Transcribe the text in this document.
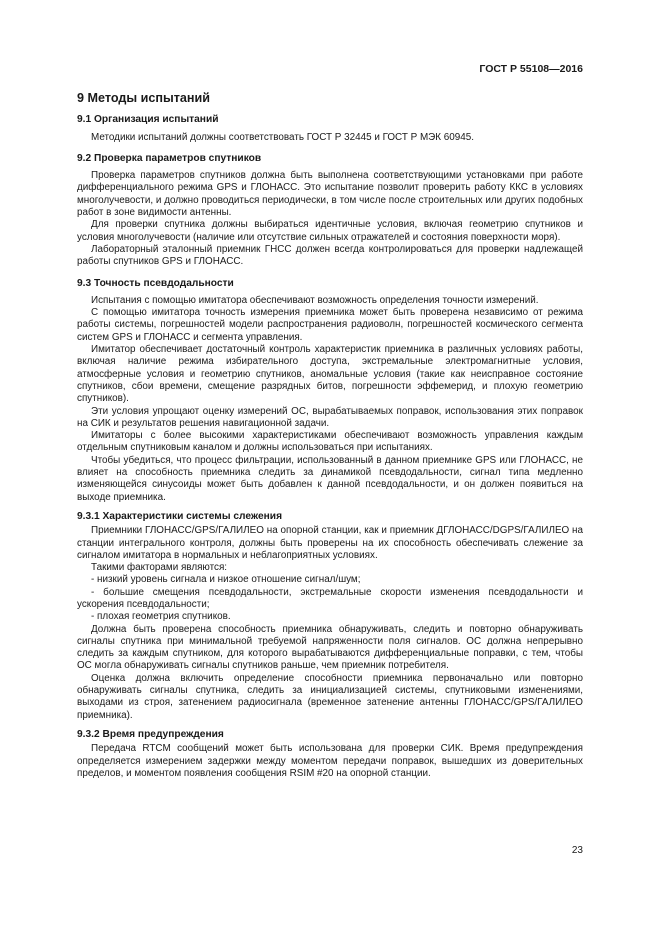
ГОСТ Р 55108—2016
9 Методы испытаний
9.1 Организация испытаний

Методики испытаний должны соответствовать ГОСТ Р 32445 и ГОСТ Р МЭК 60945.

9.2 Проверка параметров спутников

Проверка параметров спутников должна быть выполнена соответствующими установками при работе дифференциального режима GPS и ГЛОНАСС. Это испытание позволит проверить работу ККС в условиях многолучевости, и должно проводиться периодически, в том числе после строительных или других подобных работ в зоне видимости антенны.

Для проверки спутника должны выбираться идентичные условия, включая геометрию спутников и условия многолучевости (наличие или отсутствие сильных отражателей и состояния поверхности моря).

Лабораторный эталонный приемник ГНСС должен всегда контролироваться для проверки надлежащей работы спутников GPS и ГЛОНАСС.

9.3 Точность псевдодальности

Испытания с помощью имитатора обеспечивают возможность определения точности измерений.

С помощью имитатора точность измерения приемника может быть проверена независимо от режима работы системы, погрешностей модели распространения радиоволн, погрешностей космического сегмента систем GPS и ГЛОНАСС и сегмента управления.

Имитатор обеспечивает достаточный контроль характеристик приемника в различных условиях работы, включая наличие режима избирательного доступа, экстремальные электромагнитные условия, атмосферные условия и геометрию спутников, аномальные условия (такие как неисправное состояние спутников, сбои времени, смещение разрядных битов, погрешности эффемерид, и плохую геометрию спутников).

Эти условия упрощают оценку измерений ОС, вырабатываемых поправок, использования этих поправок на СИК и результатов решения навигационной задачи.

Имитаторы с более высокими характеристиками обеспечивают возможность управления каждым отдельным спутниковым каналом и должны использоваться при испытаниях.

Чтобы убедиться, что процесс фильтрации, использованный в данном приемнике GPS или ГЛОНАСС, не влияет на способность приемника следить за динамикой псевдодальности, сигнал типа медленно изменяющейся синусоиды может быть добавлен к данной псевдодальности, и он должен появиться на выходе приемника.

9.3.1 Характеристики системы слежения

Приемники ГЛОНАСС/GPS/ГАЛИЛЕО на опорной станции, как и приемник ДГЛОНАСС/DGPS/ГАЛИЛЕО на станции интегрального контроля, должны быть проверены на их способность обеспечивать слежение за сигналом имитатора в нормальных и неблагоприятных условиях.

Такими факторами являются:

- низкий уровень сигнала и низкое отношение сигнал/шум;

- большие смещения псевдодальности, экстремальные скорости изменения псевдодальности и ускорения псевдодальности;

- плохая геометрия спутников.

Должна быть проверена способность приемника обнаруживать, следить и повторно обнаруживать сигналы спутника при минимальной требуемой напряженности поля сигналов. ОС должна непрерывно следить за каждым спутником, для которого вырабатываются дифференциальные поправки, с тем, чтобы ОС могла обнаруживать сигналы спутников раньше, чем приемник потребителя.

Оценка должна включить определение способности приемника первоначально или повторно обнаруживать сигналы спутника, следить за инициализацией системы, спутниковыми изменениями, выходами из строя, затенением радиосигнала (временное затенение антенны ГЛОНАСС/GPS/ГАЛИЛЕО приемника).

9.3.2 Время предупреждения

Передача RTCM сообщений может быть использована для проверки СИК. Время предупреждения определяется измерением задержки между моментом передачи поправок, вышедших из доверительных пределов, и моментом появления сообщения RSIM #20 на опорной станции.

23
